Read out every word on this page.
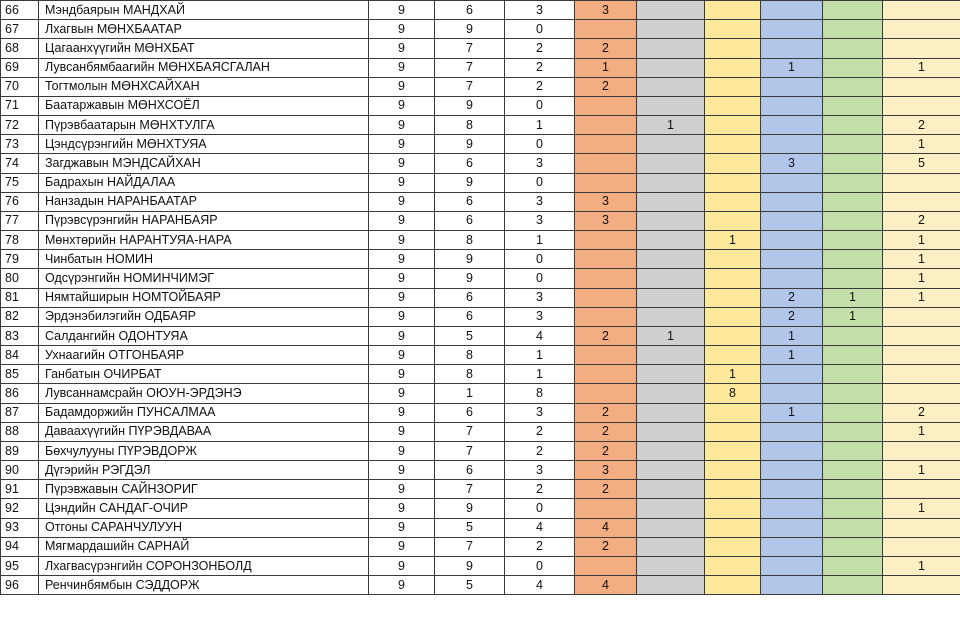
66	Мэндбаярын МАНДХАЙ	9	6	3	3					
67	Лхагвын МӨНХБААТАР	9	9	0						
68	Цагаанхүүгийн МӨНХБАТ	9	7	2	2					
69	Лувсанбямбаагийн МӨНХБАЯСГАЛАН	9	7	2	1			1		1
70	Тогтмолын МӨНХСАЙХАН	9	7	2	2					
71	Баатаржавын МӨНХСОЁЛ	9	9	0						
72	Пүрэвбаатарын МӨНХТУЛГА	9	8	1		1				2
73	Цэндсүрэнгийн МӨНХТУЯА	9	9	0						1
74	Загджавын МЭНДСАЙХАН	9	6	3				3		5
75	Бадрахын НАЙДАЛАА	9	9	0						
76	Нанзадын НАРАНБААТАР	9	6	3	3					
77	Пүрэвсүрэнгийн НАРАНБАЯР	9	6	3	3					2
78	Мөнхтөрийн НАРАНТУЯА-НАРА	9	8	1			1			1
79	Чинбатын НОМИН	9	9	0						1
80	Одсүрэнгийн НОМИНЧИМЭГ	9	9	0						1
81	Нямтайширын НОМТОЙБАЯР	9	6	3				2	1	1
82	Эрдэнэбилэгийн ОДБАЯР	9	6	3				2	1	
83	Салдангийн ОДОНТУЯА	9	5	4	2	1		1		
84	Ухнаагийн ОТГОНБАЯР	9	8	1				1		
85	Ганбатын ОЧИРБАТ	9	8	1			1			
86	Лувсаннамсрайн ОЮУН-ЭРДЭНЭ	9	1	8			8			
87	Бадамдоржийн ПУНСАЛМАА	9	6	3	2			1		2
88	Даваахүүгийн ПҮРЭВДАВАА	9	7	2	2					1
89	Бөхчулууны ПҮРЭВДОРЖ	9	7	2	2					
90	Дүгэрийн РЭГДЭЛ	9	6	3	3					1
91	Пүрэвжавын САЙНЗОРИГ	9	7	2	2					
92	Цэндийн САНДАГ-ОЧИР	9	9	0						1
93	Отгоны САРАНЧУЛУУН	9	5	4	4					
94	Мягмардашийн САРНАЙ	9	7	2	2					
95	Лхагвасүрэнгийн СОРОНЗОНБОЛД	9	9	0						1
96	Ренчинбямбын СЭДДОРЖ	9	5	4	4					
МОНГОЛ УЛСЫН ИХ СУРГУ
